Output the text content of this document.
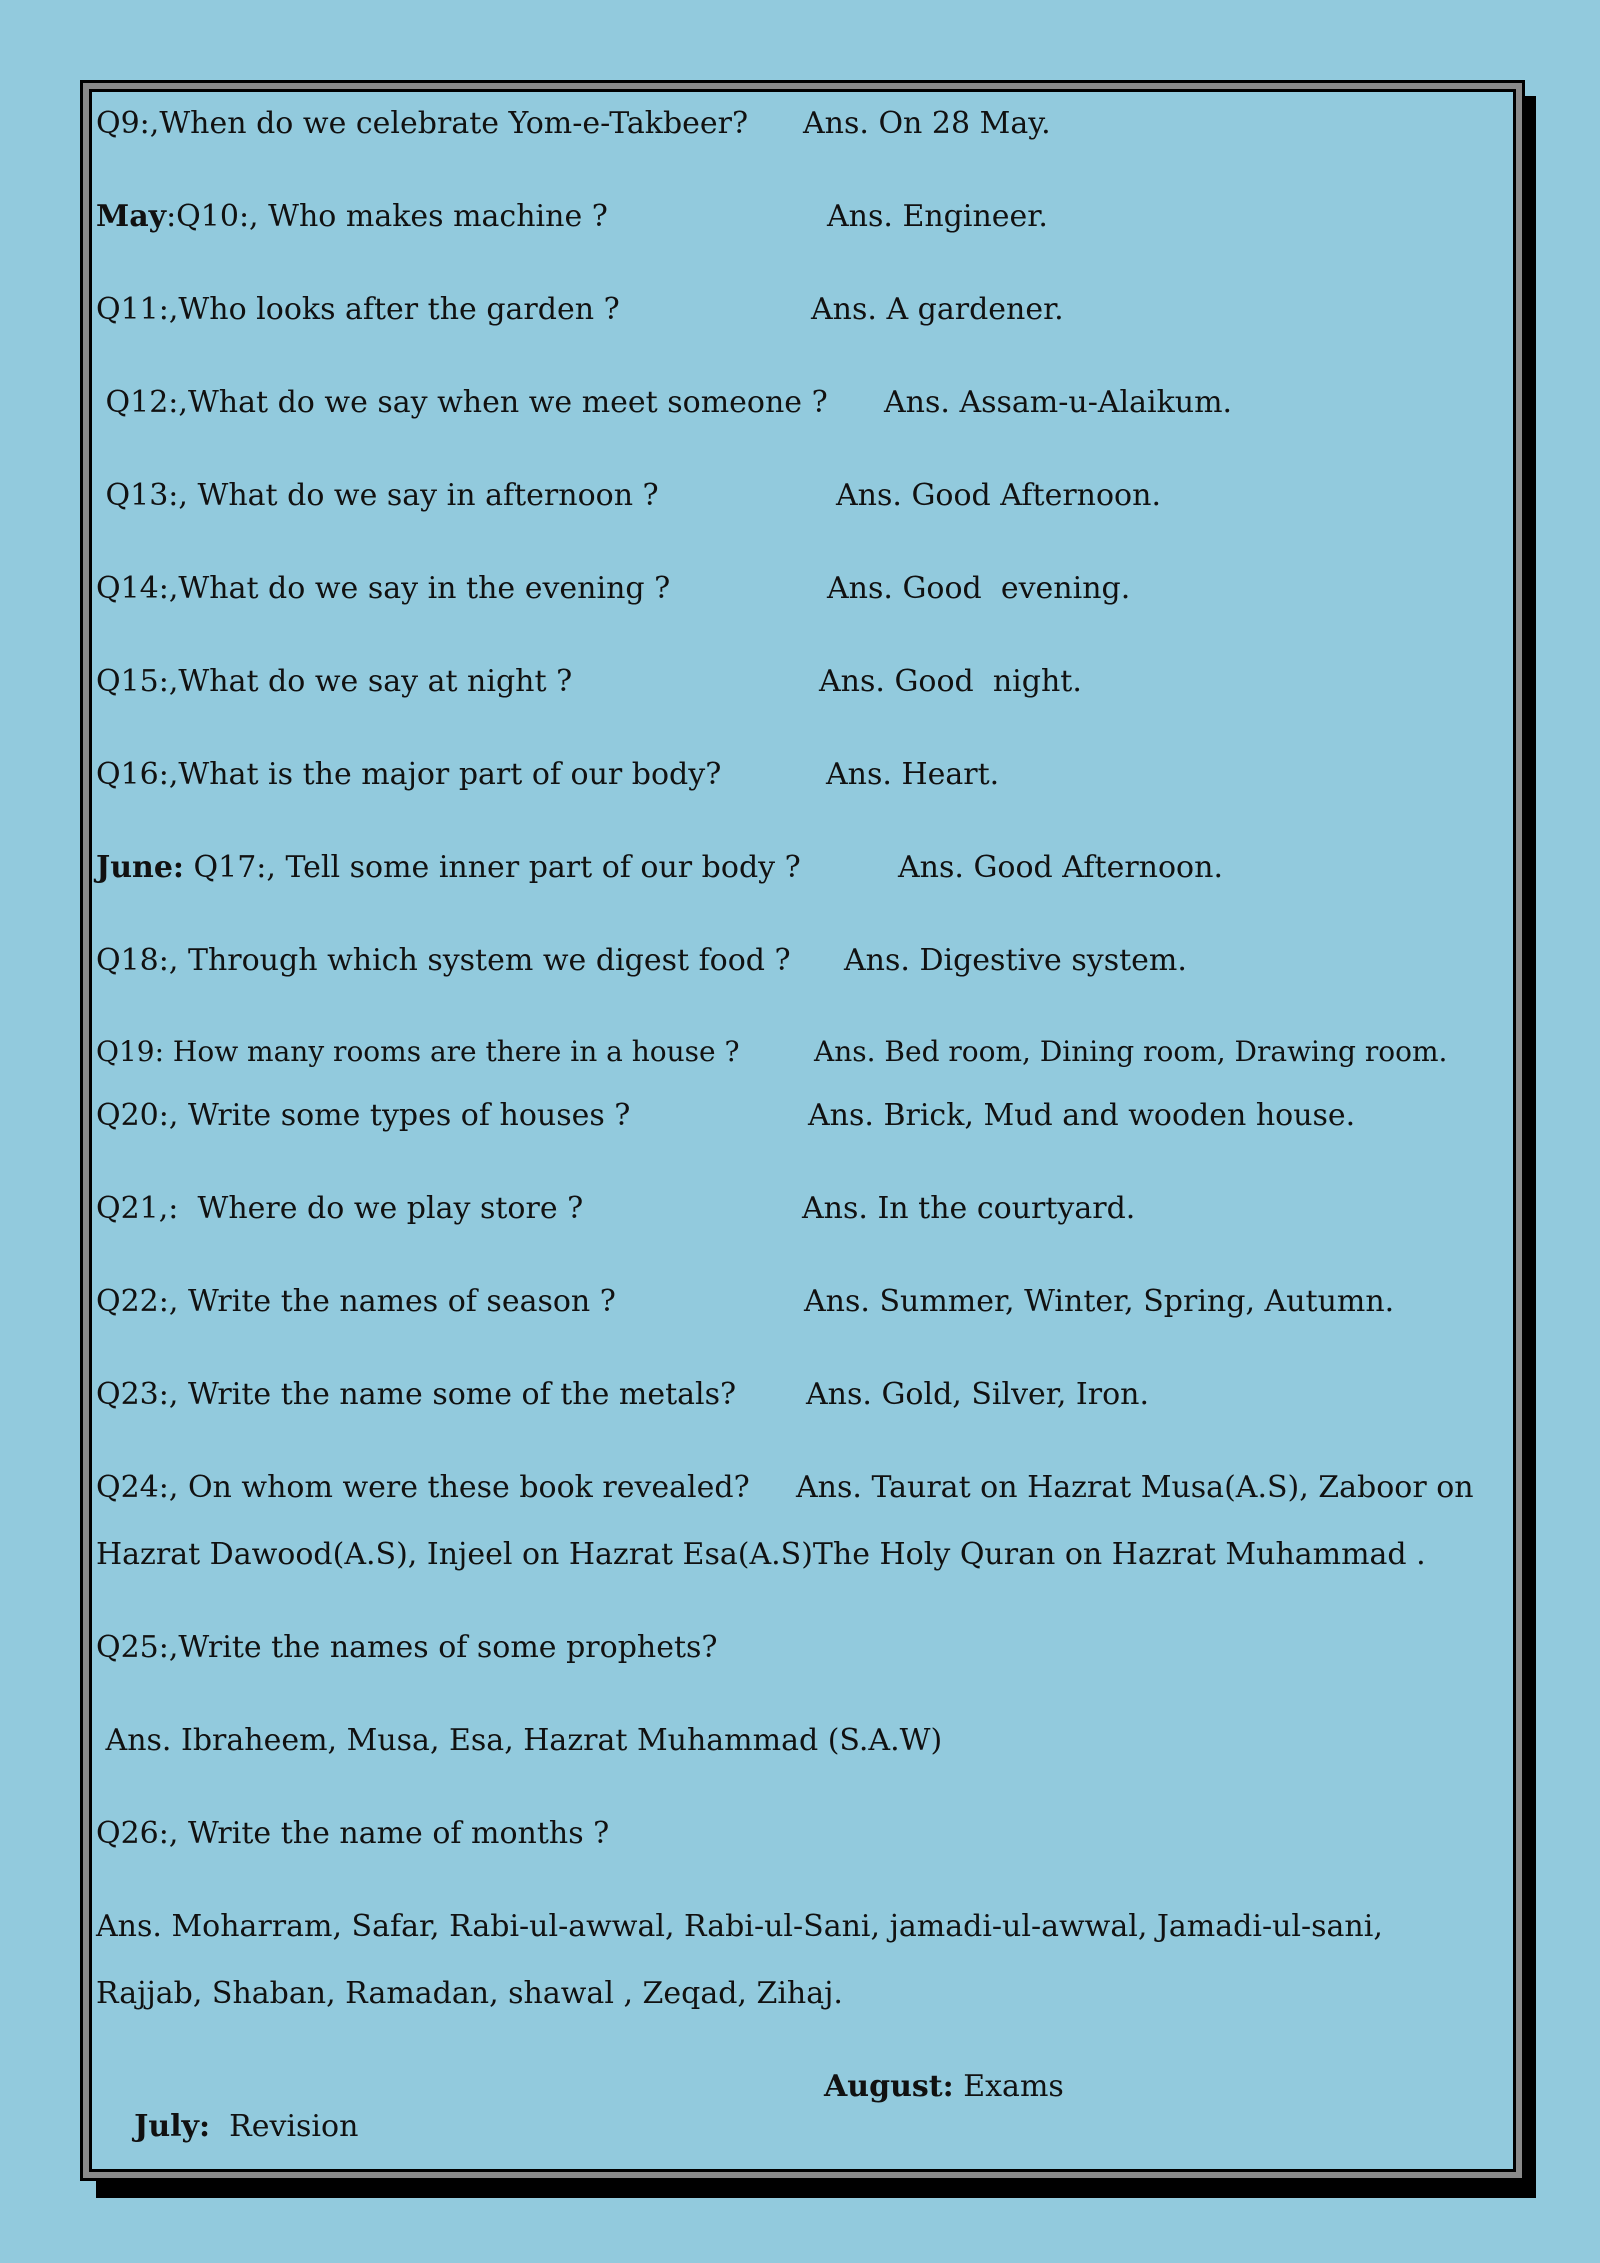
Q9:,When do we celebrate Yom-e-Takbeer? Ans. On 28 May.
May:Q10:, Who makes machine ?	Ans. Engineer.
Q11:,Who looks after the garden ?	Ans. A gardener.
Q12:,What do we say when we meet someone ? Ans. Assam-u-Alaikum.
Q13:, What do we say in afternoon ?	Ans. Good Afternoon.
Q14:,What do we say in the evening ?	Ans. Good  evening.
Q15:,What do we say at night ?	Ans. Good  night.
Q16:,What is the major part of our body?	Ans. Heart.
June: Q17:, Tell some inner part of our body ?	Ans. Good Afternoon.
Q18:, Through which system we digest food ? Ans. Digestive system.
Q19: How many rooms are there in a house ?	Ans. Bed room, Dining room, Drawing room.
Q20:, Write some types of houses ?	Ans. Brick, Mud and wooden house.
Q21,:  Where do we play store ?	Ans. In the courtyard.
Q22:, Write the names of season ?	Ans. Summer, Winter, Spring, Autumn.
Q23:, Write the name some of the metals? Ans. Gold, Silver, Iron.
Q24:, On whom were these book revealed? Ans. Taurat on Hazrat Musa(A.S), Zaboor on
Hazrat Dawood(A.S), Injeel on Hazrat Esa(A.S)The Holy Quran on Hazrat Muhammad .
Q25:,Write the names of some prophets?
Ans. Ibraheem, Musa, Esa, Hazrat Muhammad (S.A.W)
Q26:, Write the name of months ?
Ans. Moharram, Safar, Rabi-ul-awwal, Rabi-ul-Sani, jamadi-ul-awwal, Jamadi-ul-sani,
Rajjab, Shaban, Ramadan, shawal , Zeqad, Zihaj.

July:  Revision

August: Exams
